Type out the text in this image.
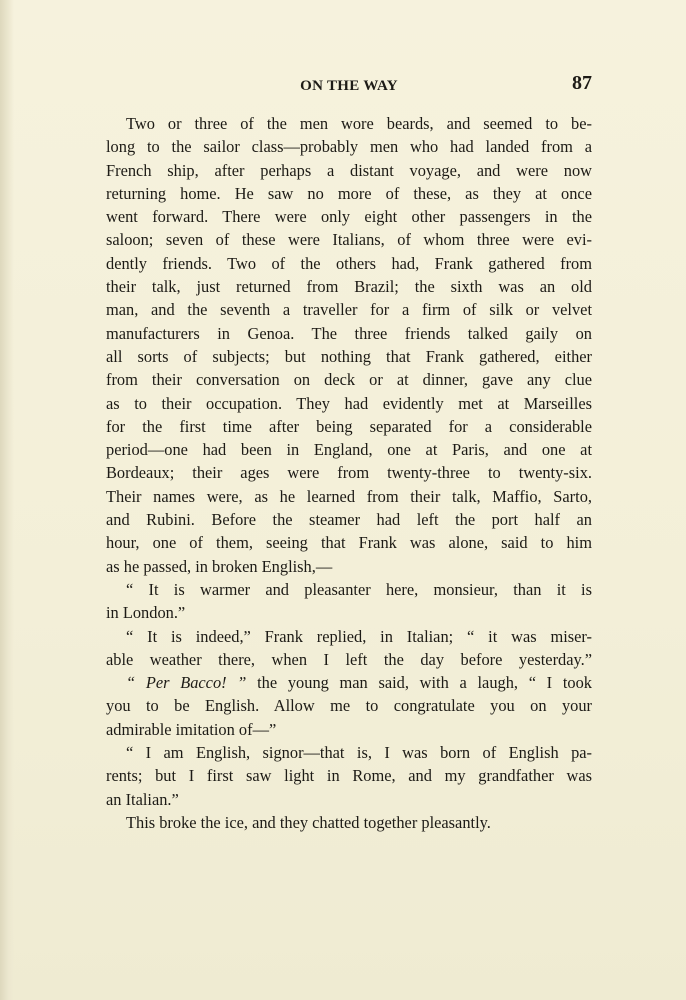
ON THE WAY	87
Two or three of the men wore beards, and seemed to be-
long to the sailor class—probably men who had landed from a
French ship, after perhaps a distant voyage, and were now
returning home. He saw no more of these, as they at once
went forward. There were only eight other passengers in the
saloon; seven of these were Italians, of whom three were evi-
dently friends. Two of the others had, Frank gathered from
their talk, just returned from Brazil; the sixth was an old
man, and the seventh a traveller for a firm of silk or velvet
manufacturers in Genoa. The three friends talked gaily on
all sorts of subjects; but nothing that Frank gathered, either
from their conversation on deck or at dinner, gave any clue
as to their occupation. They had evidently met at Marseilles
for the first time after being separated for a considerable
period—one had been in England, one at Paris, and one at
Bordeaux; their ages were from twenty-three to twenty-six.
Their names were, as he learned from their talk, Maffio, Sarto,
and Rubini. Before the steamer had left the port half an
hour, one of them, seeing that Frank was alone, said to him
as he passed, in broken English,—
“ It is warmer and pleasanter here, monsieur, than it is
in London.”
“ It is indeed,” Frank replied, in Italian; “ it was miser-
able weather there, when I left the day before yesterday.”
“ Per Bacco! ” the young man said, with a laugh, “ I took
you to be English. Allow me to congratulate you on your
admirable imitation of—”
“ I am English, signor—that is, I was born of English pa-
rents; but I first saw light in Rome, and my grandfather was
an Italian.”
This broke the ice, and they chatted together pleasantly.
